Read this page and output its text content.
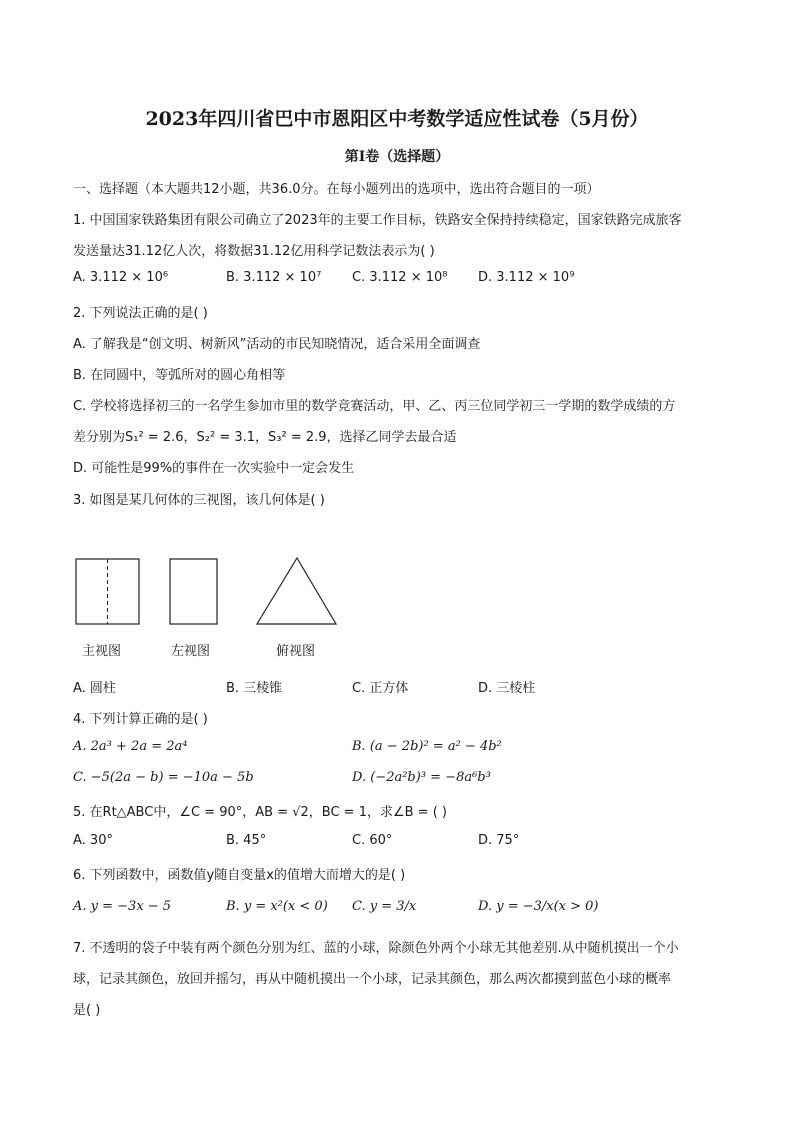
2023年四川省巴中市恩阳区中考数学适应性试卷（5月份）
第I卷（选择题）
一、选择题（本大题共12小题，共36.0分。在每小题列出的选项中，选出符合题目的一项）
1. 中国国家铁路集团有限公司确立了2023年的主要工作目标，铁路安全保持持续稳定，国家铁路完成旅客
发送量达31.12亿人次，将数据31.12亿用科学记数法表示为( )
A. 3.112 × 10⁶	B. 3.112 × 10⁷ C. 3.112 × 10⁸ D. 3.112 × 10⁹
2. 下列说法正确的是( )
A. 了解我是“创文明、树新风”活动的市民知晓情况，适合采用全面调查
B. 在同圆中，等弧所对的圆心角相等
C. 学校将选择初三的一名学生参加市里的数学竞赛活动，甲、乙、丙三位同学初三一学期的数学成绩的方
差分别为S₁² = 2.6，S₂² = 3.1，S₃² = 2.9，选择乙同学去最合适
D. 可能性是99%的事件在一次实验中一定会发生
3. 如图是某几何体的三视图，该几何体是( )
主视图	左视图	俯视图
A. 圆柱	B. 三棱锥	C. 正方体	D. 三棱柱
4. 下列计算正确的是( )
A. 2a³ + 2a = 2a⁴	B. (a − 2b)² = a² − 4b²
C. −5(2a − b) = −10a − 5b	D. (−2a²b)³ = −8a⁶b³
5. 在Rt△ABC中，∠C = 90°，AB = √2，BC = 1，求∠B = ( )
A. 30°	B. 45°	C. 60°	D. 75°
6. 下列函数中，函数值y随自变量x的值增大而增大的是( )
A. y = −3x − 5	B. y = x²(x < 0) C. y = 3/x	D. y = −3/x(x > 0)
7. 不透明的袋子中装有两个颜色分别为红、蓝的小球，除颜色外两个小球无其他差别.从中随机摸出一个小
球，记录其颜色，放回并摇匀，再从中随机摸出一个小球，记录其颜色，那么两次都摸到蓝色小球的概率
是( )
